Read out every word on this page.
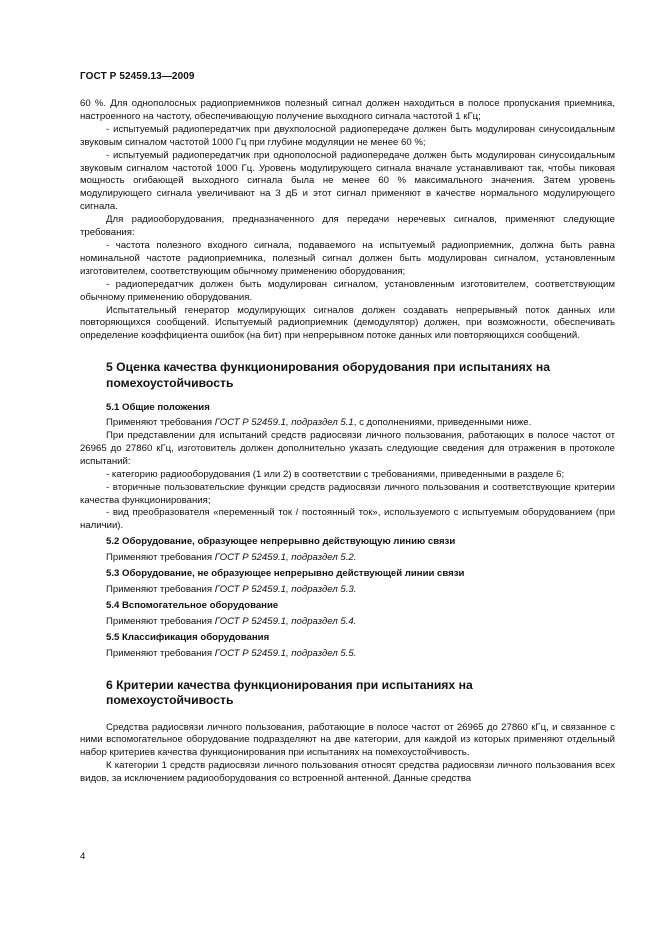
ГОСТ Р 52459.13—2009

60 %. Для однополосных радиоприемников полезный сигнал должен находиться в полосе пропускания приемника, настроенного на частоту, обеспечивающую получение выходного сигнала частотой 1 кГц;

- испытуемый радиопередатчик при двухполосной радиопередаче должен быть модулирован синусоидальным звуковым сигналом частотой 1000 Гц при глубине модуляции не менее 60 %;

- испытуемый радиопередатчик при однополосной радиопередаче должен быть модулирован синусоидальным звуковым сигналом частотой 1000 Гц. Уровень модулирующего сигнала вначале устанавливают так, чтобы пиковая мощность огибающей выходного сигнала была не менее 60 % максимального значения. Затем уровень модулирующего сигнала увеличивают на 3 дБ и этот сигнал применяют в качестве нормального модулирующего сигнала.

Для радиооборудования, предназначенного для передачи неречевых сигналов, применяют следующие требования:

- частота полезного входного сигнала, подаваемого на испытуемый радиоприемник, должна быть равна номинальной частоте радиоприемника, полезный сигнал должен быть модулирован сигналом, установленным изготовителем, соответствующим обычному применению оборудования;

- радиопередатчик должен быть модулирован сигналом, установленным изготовителем, соответствующим обычному применению оборудования.

Испытательный генератор модулирующих сигналов должен создавать непрерывный поток данных или повторяющихся сообщений. Испытуемый радиоприемник (демодулятор) должен, при возможности, обеспечивать определение коэффициента ошибок (на бит) при непрерывном потоке данных или повторяющихся сообщений.

5 Оценка качества функционирования оборудования при испытаниях на помехоустойчивость

5.1 Общие положения

Применяют требования ГОСТ Р 52459.1, подраздел 5.1, с дополнениями, приведенными ниже.

При представлении для испытаний средств радиосвязи личного пользования, работающих в полосе частот от 26965 до 27860 кГц, изготовитель должен дополнительно указать следующие сведения для отражения в протоколе испытаний:

- категорию радиооборудования (1 или 2) в соответствии с требованиями, приведенными в разделе 6;

- вторичные пользовательские функции средств радиосвязи личного пользования и соответствующие критерии качества функционирования;

- вид преобразователя «переменный ток / постоянный ток», используемого с испытуемым оборудованием (при наличии).

5.2 Оборудование, образующее непрерывно действующую линию связи

Применяют требования ГОСТ Р 52459.1, подраздел 5.2.

5.3 Оборудование, не образующее непрерывно действующей линии связи

Применяют требования ГОСТ Р 52459.1, подраздел 5.3.

5.4 Вспомогательное оборудование

Применяют требования ГОСТ Р 52459.1, подраздел 5.4.

5.5 Классификация оборудования

Применяют требования ГОСТ Р 52459.1, подраздел 5.5.

6 Критерии качества функционирования при испытаниях на помехоустойчивость

Средства радиосвязи личного пользования, работающие в полосе частот от 26965 до 27860 кГц, и связанное с ними вспомогательное оборудование подразделяют на две категории, для каждой из которых применяют отдельный набор критериев качества функционирования при испытаниях на помехоустойчивость.

К категории 1 средств радиосвязи личного пользования относят средства радиосвязи личного пользования всех видов, за исключением радиооборудования со встроенной антенной. Данные средства

4
